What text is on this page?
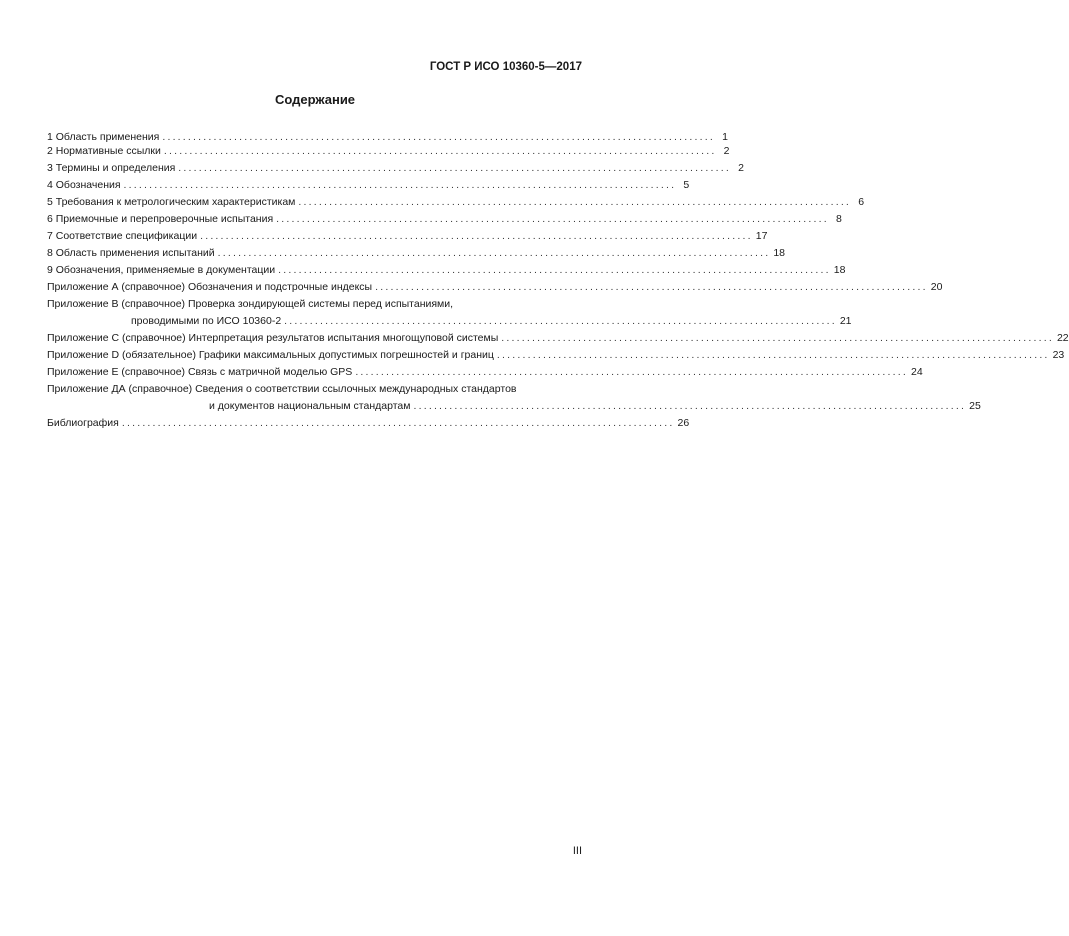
ГОСТ Р ИСО 10360-5—2017
Содержание
1 Область применения ............................................................................................................ 1
2 Нормативные ссылки ............................................................................................................ 2
3 Термины и определения ............................................................................................................ 2
4 Обозначения ............................................................................................................ 5
5 Требования к метрологическим характеристикам ............................................................................................................ 6
6 Приемочные и перепроверочные испытания ............................................................................................................ 8
7 Соответствие спецификации ............................................................................................................ 17
8 Область применения испытаний ............................................................................................................ 18
9 Обозначения, применяемые в документации ............................................................................................................ 18
Приложение А (справочное) Обозначения и подстрочные индексы ............................................................................................................ 20
Приложение В (справочное) Проверка зондирующей системы перед испытаниями,
проводимыми по ИСО 10360-2 ............................................................................................................ 21
Приложение С (справочное) Интерпретация результатов испытания многощуповой системы ............................................................................................................ 22
Приложение D (обязательное) Графики максимальных допустимых погрешностей и границ ............................................................................................................ 23
Приложение Е (справочное) Связь с матричной моделью GPS ............................................................................................................ 24
Приложение ДА (справочное) Сведения о соответствии ссылочных международных стандартов
и документов национальным стандартам ............................................................................................................ 25
Библиография ............................................................................................................ 26
III
